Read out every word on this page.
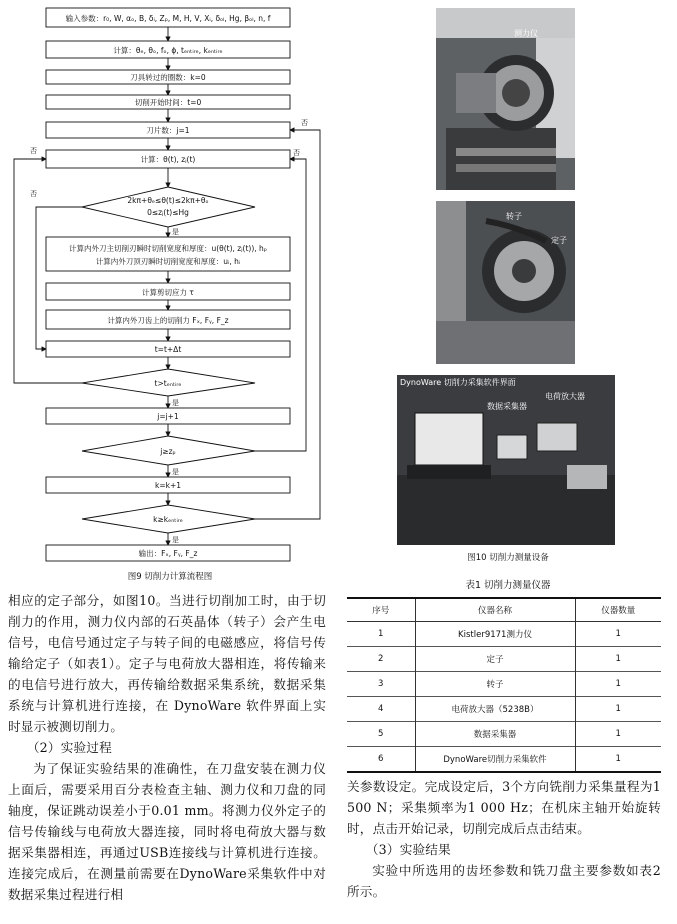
输入参数：r₀, W, αₒ, B, δᵢ, Zₚ, M, H, V, Xᵢ, δₒₗ, Hg, βₒₗ, n, f
计算：θₑ, θₒ, fₒ, ϕ, tₑₙₜᵢᵣₑ, kₑₙₜᵢᵣₑ
刀具转过的圈数：k=0
切削开始时间：t=0
刀片数：j=1
计算：θ(t), zⱼ(t)
2kπ+θₑ≤θ(t)≤2kπ+θₒ
0≤zⱼ(t)≤Hg
计算内外刀主切削刃瞬时切削宽度和厚度：u(θ(t), zⱼ(t)), hₚ
计算内外刀顶刃瞬时切削宽度和厚度：uᵢ, hᵢ
计算剪切应力 τ
计算内外刀齿上的切削力 Fₓ, Fᵧ, F_z
t=t+Δt
t>tₑₙₜᵢᵣₑ
j=j+1
j≥zₚ
k=k+1
k≥kₑₙₜᵢᵣₑ
输出：Fₓ, Fᵧ, F_z
是
是
是
是
否
否	否
否
图9 切削力计算流程图
测力仪
转子
定子
DynoWare 切削力采集软件界面
数据采集器
电荷放大器
图10 切削力测量设备
表1 切削力测量仪器
序号	仪器名称	仪器数量
1	Kistler9171测力仪	1
2	定子	1
3	转子	1
4	电荷放大器（5238B）	1
5	数据采集器	1
6	DynoWare切削力采集软件	1

相应的定子部分，如图10。当进行切削加工时，由于切削力的作用，测力仪内部的石英晶体（转子）会产生电信号，电信号通过定子与转子间的电磁感应，将信号传输给定子（如表1）。定子与电荷放大器相连，将传输来的电信号进行放大，再传输给数据采集系统，数据采集系统与计算机进行连接，在 DynoWare 软件界面上实时显示被测切削力。

（2）实验过程

为了保证实验结果的准确性，在刀盘安装在测力仪上面后，需要采用百分表检查主轴、测力仪和刀盘的同轴度，保证跳动误差小于0.01 mm。将测力仪外定子的信号传输线与电荷放大器连接，同时将电荷放大器与数据采集器相连，再通过USB连接线与计算机进行连接。连接完成后，在测量前需要在DynoWare采集软件中对数据采集过程进行相

关参数设定。完成设定后，3个方向铣削力采集量程为1 500 N；采集频率为1 000 Hz；在机床主轴开始旋转时，点击开始记录，切削完成后点击结束。

（3）实验结果

实验中所选用的齿坯参数和铣刀盘主要参数如表2所示。
